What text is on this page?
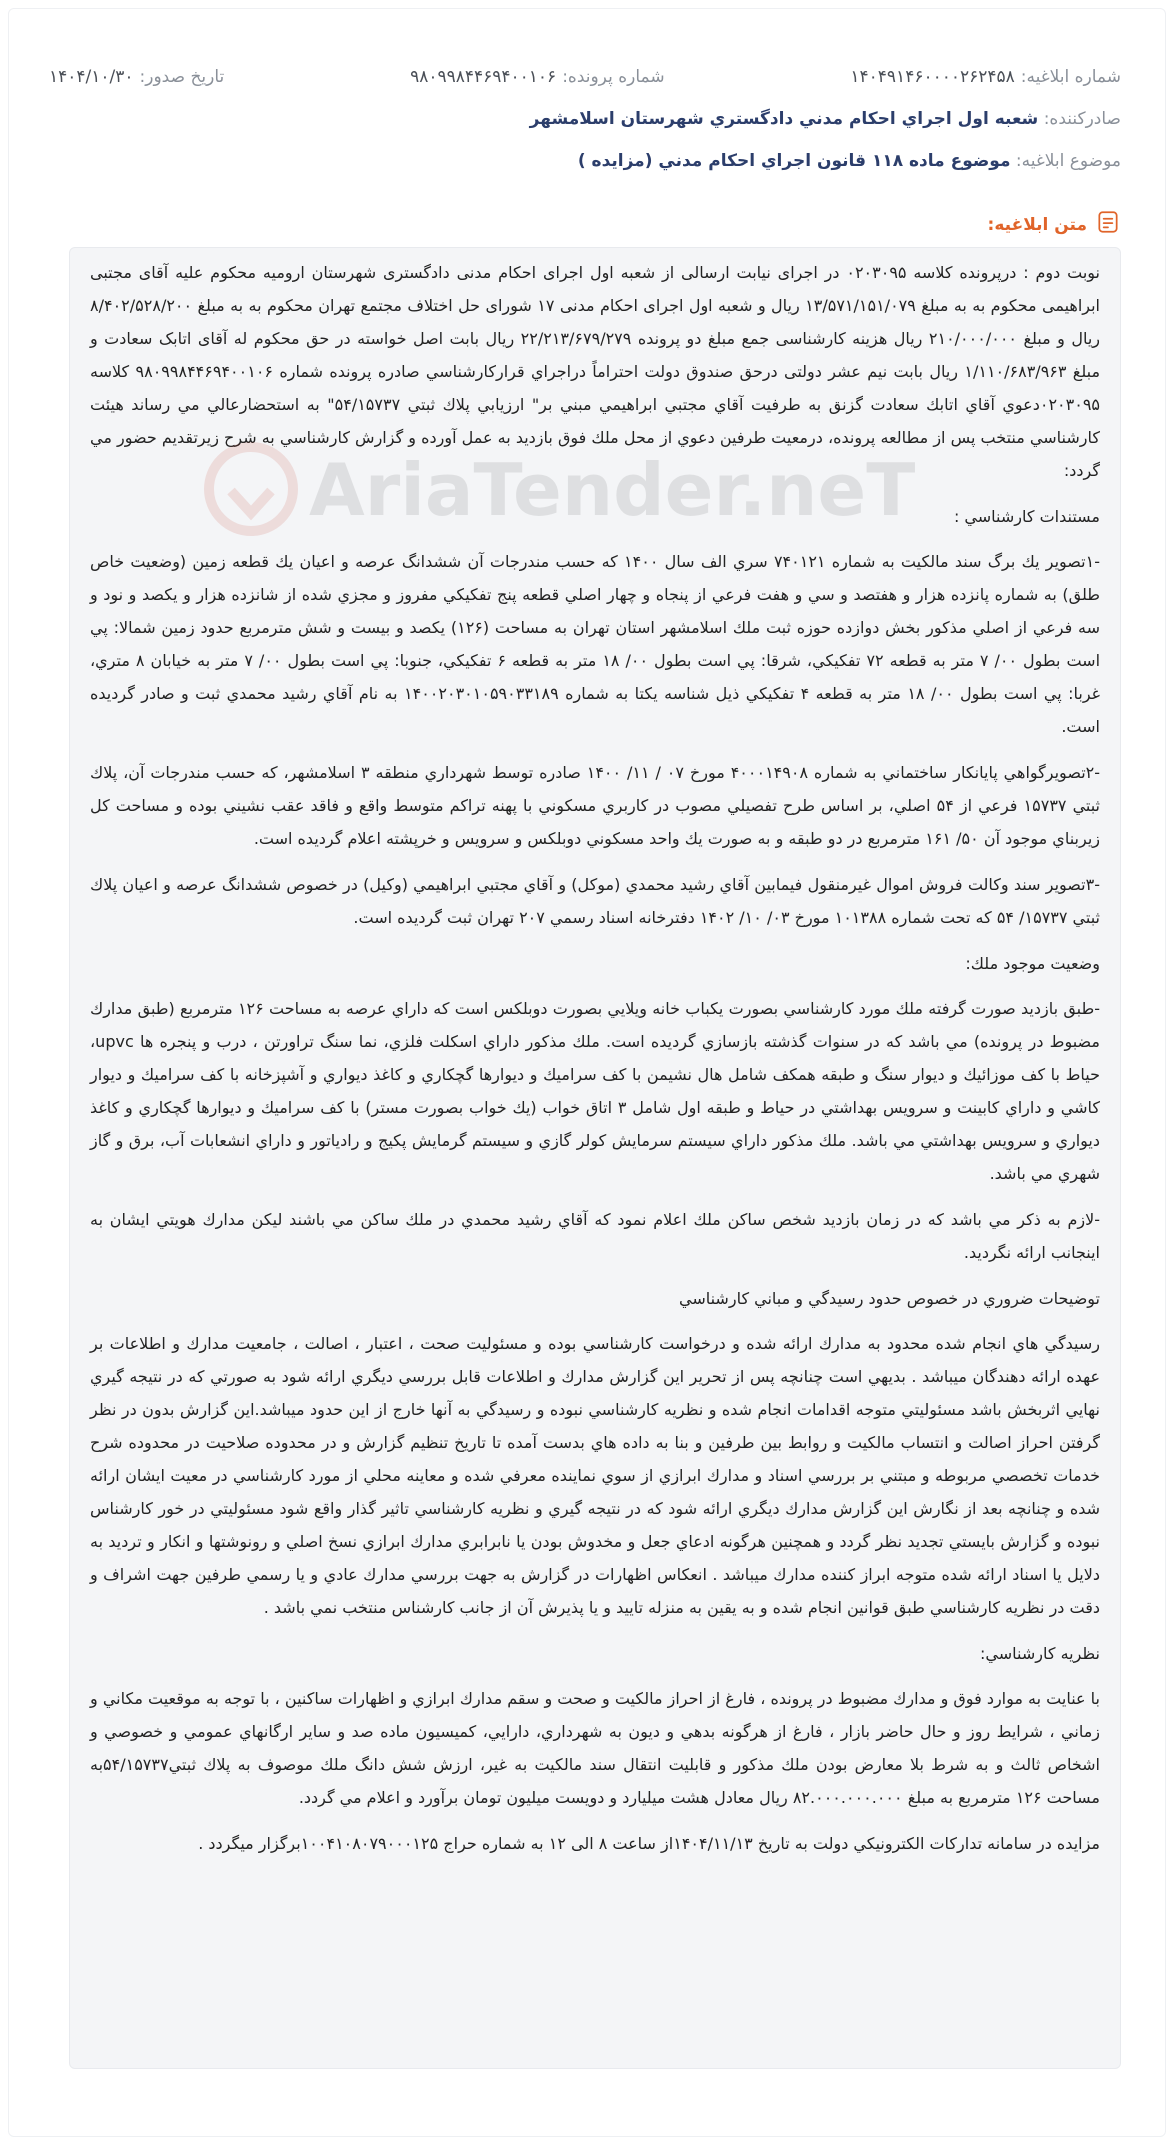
شماره ابلاغیه:
۱۴۰۴۹۱۴۶۰۰۰۰۲۶۲۴۵۸
شماره پرونده:
۹۸۰۹۹۸۴۴۶۹۴۰۰۱۰۶
تاریخ صدور:
۱۴۰۴/۱۰/۳۰
صادرکننده: شعبه اول اجراي احکام مدني دادگستري شهرستان اسلامشهر
موضوع ابلاغیه: موضوع ماده ۱۱۸ قانون اجراي احکام مدني (مزايده )
متن ابلاغیه:

نوبت دوم : درپرونده کلاسه ۰۲۰۳۰۹۵ در اجرای نیابت ارسالی از شعبه اول اجرای احکام مدنی دادگستری شهرستان ارومیه محکوم علیه آقای مجتبی ابراهیمی محکوم به به مبلغ ۱۳/۵۷۱/۱۵۱/۰۷۹ ریال و شعبه اول اجرای احکام مدنی ۱۷ شورای حل اختلاف مجتمع تهران محکوم به به مبلغ ۸/۴۰۲/۵۲۸/۲۰۰ ریال و مبلغ ۲۱۰/۰۰۰/۰۰۰ ریال هزینه کارشناسی جمع مبلغ دو پرونده ۲۲/۲۱۳/۶۷۹/۲۷۹ ریال بابت اصل خواسته در حق محکوم له آقای اتابک سعادت و مبلغ ۱/۱۱۰/۶۸۳/۹۶۳ ریال بابت نیم عشر دولتی درحق صندوق دولت احتراماً دراجراي قرارکارشناسي صادره پرونده شماره ۹۸۰۹۹۸۴۴۶۹۴۰۰۱۰۶ کلاسه ۰۲۰۳۰۹۵دعوي آقاي اتابك سعادت گزنق به طرفيت آقاي مجتبي ابراهيمي مبني بر" ارزيابي پلاك ثبتي ۵۴/۱۵۷۳۷" به استحضارعالي مي رساند هيئت كارشناسي منتخب پس از مطالعه پرونده، درمعيت طرفين دعوي از محل ملك فوق بازديد به عمل آورده و گزارش كارشناسي به شرح زيرتقديم حضور مي گردد:

مستندات كارشناسي :

-۱تصوير يك برگ سند مالكيت به شماره ۷۴۰۱۲۱ سري الف سال ۱۴۰۰ كه حسب مندرجات آن ششدانگ عرصه و اعيان يك قطعه زمين (وضعيت خاص طلق) به شماره پانزده هزار و هفتصد و سي و هفت فرعي از پنجاه و چهار اصلي قطعه پنج تفكيكي مفروز و مجزي شده از شانزده هزار و يكصد و نود و سه فرعي از اصلي مذكور بخش دوازده حوزه ثبت ملك اسلامشهر استان تهران به مساحت (۱۲۶) يكصد و بيست و شش مترمربع حدود زمين شمالا: پي است بطول ۰۰/ ۷ متر به قطعه ۷۲ تفكيكي، شرقا: پي است بطول ۰۰/ ۱۸ متر به قطعه ۶ تفكيكي، جنوبا: پي است بطول ۰۰/ ۷ متر به خيابان ۸ متري، غربا: پي است بطول ۰۰/ ۱۸ متر به قطعه ۴ تفكيكي ذيل شناسه يكتا به شماره ۱۴۰۰۲۰۳۰۱۰۵۹۰۳۳۱۸۹ به نام آقاي رشيد محمدي ثبت و صادر گرديده است.

-۲تصويرگواهي پايانكار ساختماني به شماره ۴۰۰۰۱۴۹۰۸ مورخ ۰۷ / ۱۱/ ۱۴۰۰ صادره توسط شهرداري منطقه ۳ اسلامشهر، كه حسب مندرجات آن، پلاك ثبتي ۱۵۷۳۷ فرعي از ۵۴ اصلي، بر اساس طرح تفصيلي مصوب در كاربري مسكوني با پهنه تراكم متوسط واقع و فاقد عقب نشيني بوده و مساحت كل زيربناي موجود آن ۵۰/ ۱۶۱ مترمربع در دو طبقه و به صورت يك واحد مسكوني دوبلكس و سرويس و خرپشته اعلام گرديده است.

-۳تصوير سند وكالت فروش اموال غيرمنقول فيمابين آقاي رشيد محمدي (موكل) و آقاي مجتبي ابراهيمي (وكيل) در خصوص ششدانگ عرصه و اعيان پلاك ثبتي ۱۵۷۳۷/ ۵۴ كه تحت شماره ۱۰۱۳۸۸ مورخ ۰۳/ ۱۰/ ۱۴۰۲ دفترخانه اسناد رسمي ۲۰۷ تهران ثبت گرديده است.

وضعيت موجود ملك:

-طبق بازديد صورت گرفته ملك مورد كارشناسي بصورت يكباب خانه ويلايي بصورت دوبلكس است كه داراي عرصه به مساحت ۱۲۶ مترمربع (طبق مدارك مضبوط در پرونده) مي باشد كه در سنوات گذشته بازسازي گرديده است. ملك مذكور داراي اسكلت فلزي، نما سنگ تراورتن ، درب و پنجره ها upvc، حياط با كف موزائيك و ديوار سنگ و طبقه همكف شامل هال نشيمن با كف سراميك و ديوارها گچكاري و كاغذ ديواري و آشپزخانه با كف سراميك و ديوار كاشي و داراي كابينت و سرويس بهداشتي در حياط و طبقه اول شامل ۳ اتاق خواب (يك خواب بصورت مستر) با كف سراميك و ديوارها گچكاري و كاغذ ديواري و سرويس بهداشتي مي باشد. ملك مذكور داراي سيستم سرمايش كولر گازي و سيستم گرمايش پكيج و رادياتور و داراي انشعابات آب، برق و گاز شهري مي باشد.

-لازم به ذكر مي باشد كه در زمان بازديد شخص ساكن ملك اعلام نمود كه آقاي رشيد محمدي در ملك ساكن مي باشند ليكن مدارك هويتي ايشان به اينجانب ارائه نگرديد.

توضيحات ضروري در خصوص حدود رسيدگي و مباني كارشناسي

رسيدگي هاي انجام شده محدود به مدارك ارائه شده و درخواست كارشناسي بوده و مسئوليت صحت ، اعتبار ، اصالت ، جامعيت مدارك و اطلاعات بر عهده ارائه دهندگان ميباشد . بديهي است چنانچه پس از تحرير اين گزارش مدارك و اطلاعات قابل بررسي ديگري ارائه شود به صورتي كه در نتيجه گيري نهايي اثربخش باشد مسئوليتي متوجه اقدامات انجام شده و نظريه كارشناسي نبوده و رسيدگي به آنها خارج از اين حدود ميباشد.اين گزارش بدون در نظر گرفتن احراز اصالت و انتساب مالكيت و روابط بين طرفين و بنا به داده هاي بدست آمده تا تاريخ تنظيم گزارش و در محدوده صلاحيت در محدوده شرح خدمات تخصصي مربوطه و مبتني بر بررسي اسناد و مدارك ابرازي از سوي نماينده معرفي شده و معاينه محلي از مورد كارشناسي در معيت ايشان ارائه شده و چنانچه بعد از نگارش اين گزارش مدارك ديگري ارائه شود كه در نتيجه گيري و نظريه كارشناسي تاثير گذار واقع شود مسئوليتي در خور كارشناس نبوده و گزارش بايستي تجديد نظر گردد و همچنين هرگونه ادعاي جعل و مخدوش بودن يا نابرابري مدارك ابرازي نسخ اصلي و رونوشتها و انكار و ترديد به دلايل يا اسناد ارائه شده متوجه ابراز كننده مدارك ميباشد . انعكاس اظهارات در گزارش به جهت بررسي مدارك عادي و يا رسمي طرفين جهت اشراف و دقت در نظريه كارشناسي طبق قوانين انجام شده و به يقين به منزله تاييد و يا پذيرش آن از جانب كارشناس منتخب نمي باشد .

نظريه كارشناسي:

با عنايت به موارد فوق و مدارك مضبوط در پرونده ، فارغ از احراز مالكيت و صحت و سقم مدارك ابرازي و اظهارات ساكنين ، با توجه به موقعيت مكاني و زماني ، شرايط روز و حال حاضر بازار ، فارغ از هرگونه بدهي و ديون به شهرداري، دارايي، كميسيون ماده صد و ساير ارگانهاي عمومي و خصوصي و اشخاص ثالث و به شرط بلا معارض بودن ملك مذكور و قابليت انتقال سند مالكيت به غير، ارزش شش دانگ ملك موصوف به پلاك ثبتي۵۴/۱۵۷۳۷به مساحت ۱۲۶ مترمربع به مبلغ ۸۲.۰۰۰.۰۰۰.۰۰۰ ريال معادل هشت ميليارد و دويست ميليون تومان برآورد و اعلام مي گردد.

مزايده در سامانه تدارکات الکترونيکي دولت به تاريخ ۱۴۰۴/۱۱/۱۳از ساعت ۸ الی ۱۲ به شماره حراج ۱۰۰۴۱۰۸۰۷۹۰۰۰۱۲۵برگزار میگردد .
